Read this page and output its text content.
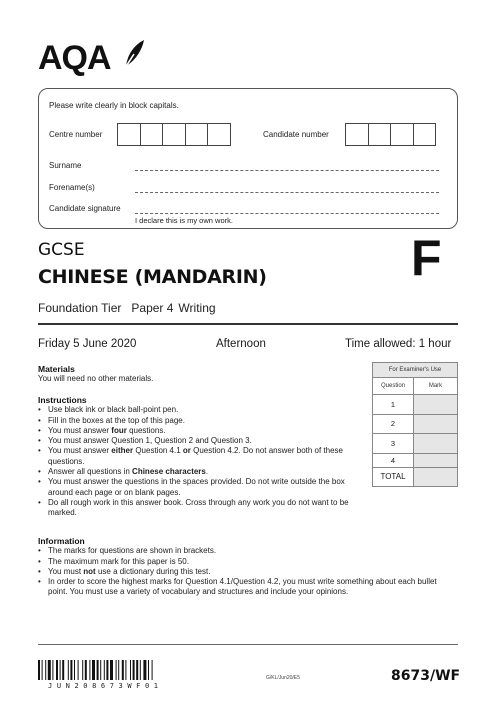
AQA
Please write clearly in block capitals.
Centre number	Candidate number
Surname
Forename(s)
Candidate signature
I declare this is my own work.
GCSE
CHINESE (MANDARIN)	F
Foundation Tier Paper 4 Writing
Friday 5 June 2020	Afternoon	Time allowed: 1 hour
Materials
You will need no other materials.
Instructions
• Use black ink or black ball-point pen.
• Fill in the boxes at the top of this page.
• You must answer four questions.
• You must answer Question 1, Question 2 and Question 3.
• You must answer either Question 4.1 or Question 4.2. Do not answer both of these questions.
• Answer all questions in Chinese characters.
• You must answer the questions in the spaces provided. Do not write outside the box around each page or on blank pages.
• Do all rough work in this answer book. Cross through any work you do not want to be marked.
Information
• The marks for questions are shown in brackets.
• The maximum mark for this paper is 50.
• You must not use a dictionary during this test.
• In order to score the highest marks for Question 4.1/Question 4.2, you must write something about each bullet point. You must use a variety of vocabulary and structures and include your opinions.
For Examiner's Use	
Question	Mark
1	
2	
3	
4	
TOTAL	
JUN208673WF01
G/KL/Jun20/E5	8673/WF
